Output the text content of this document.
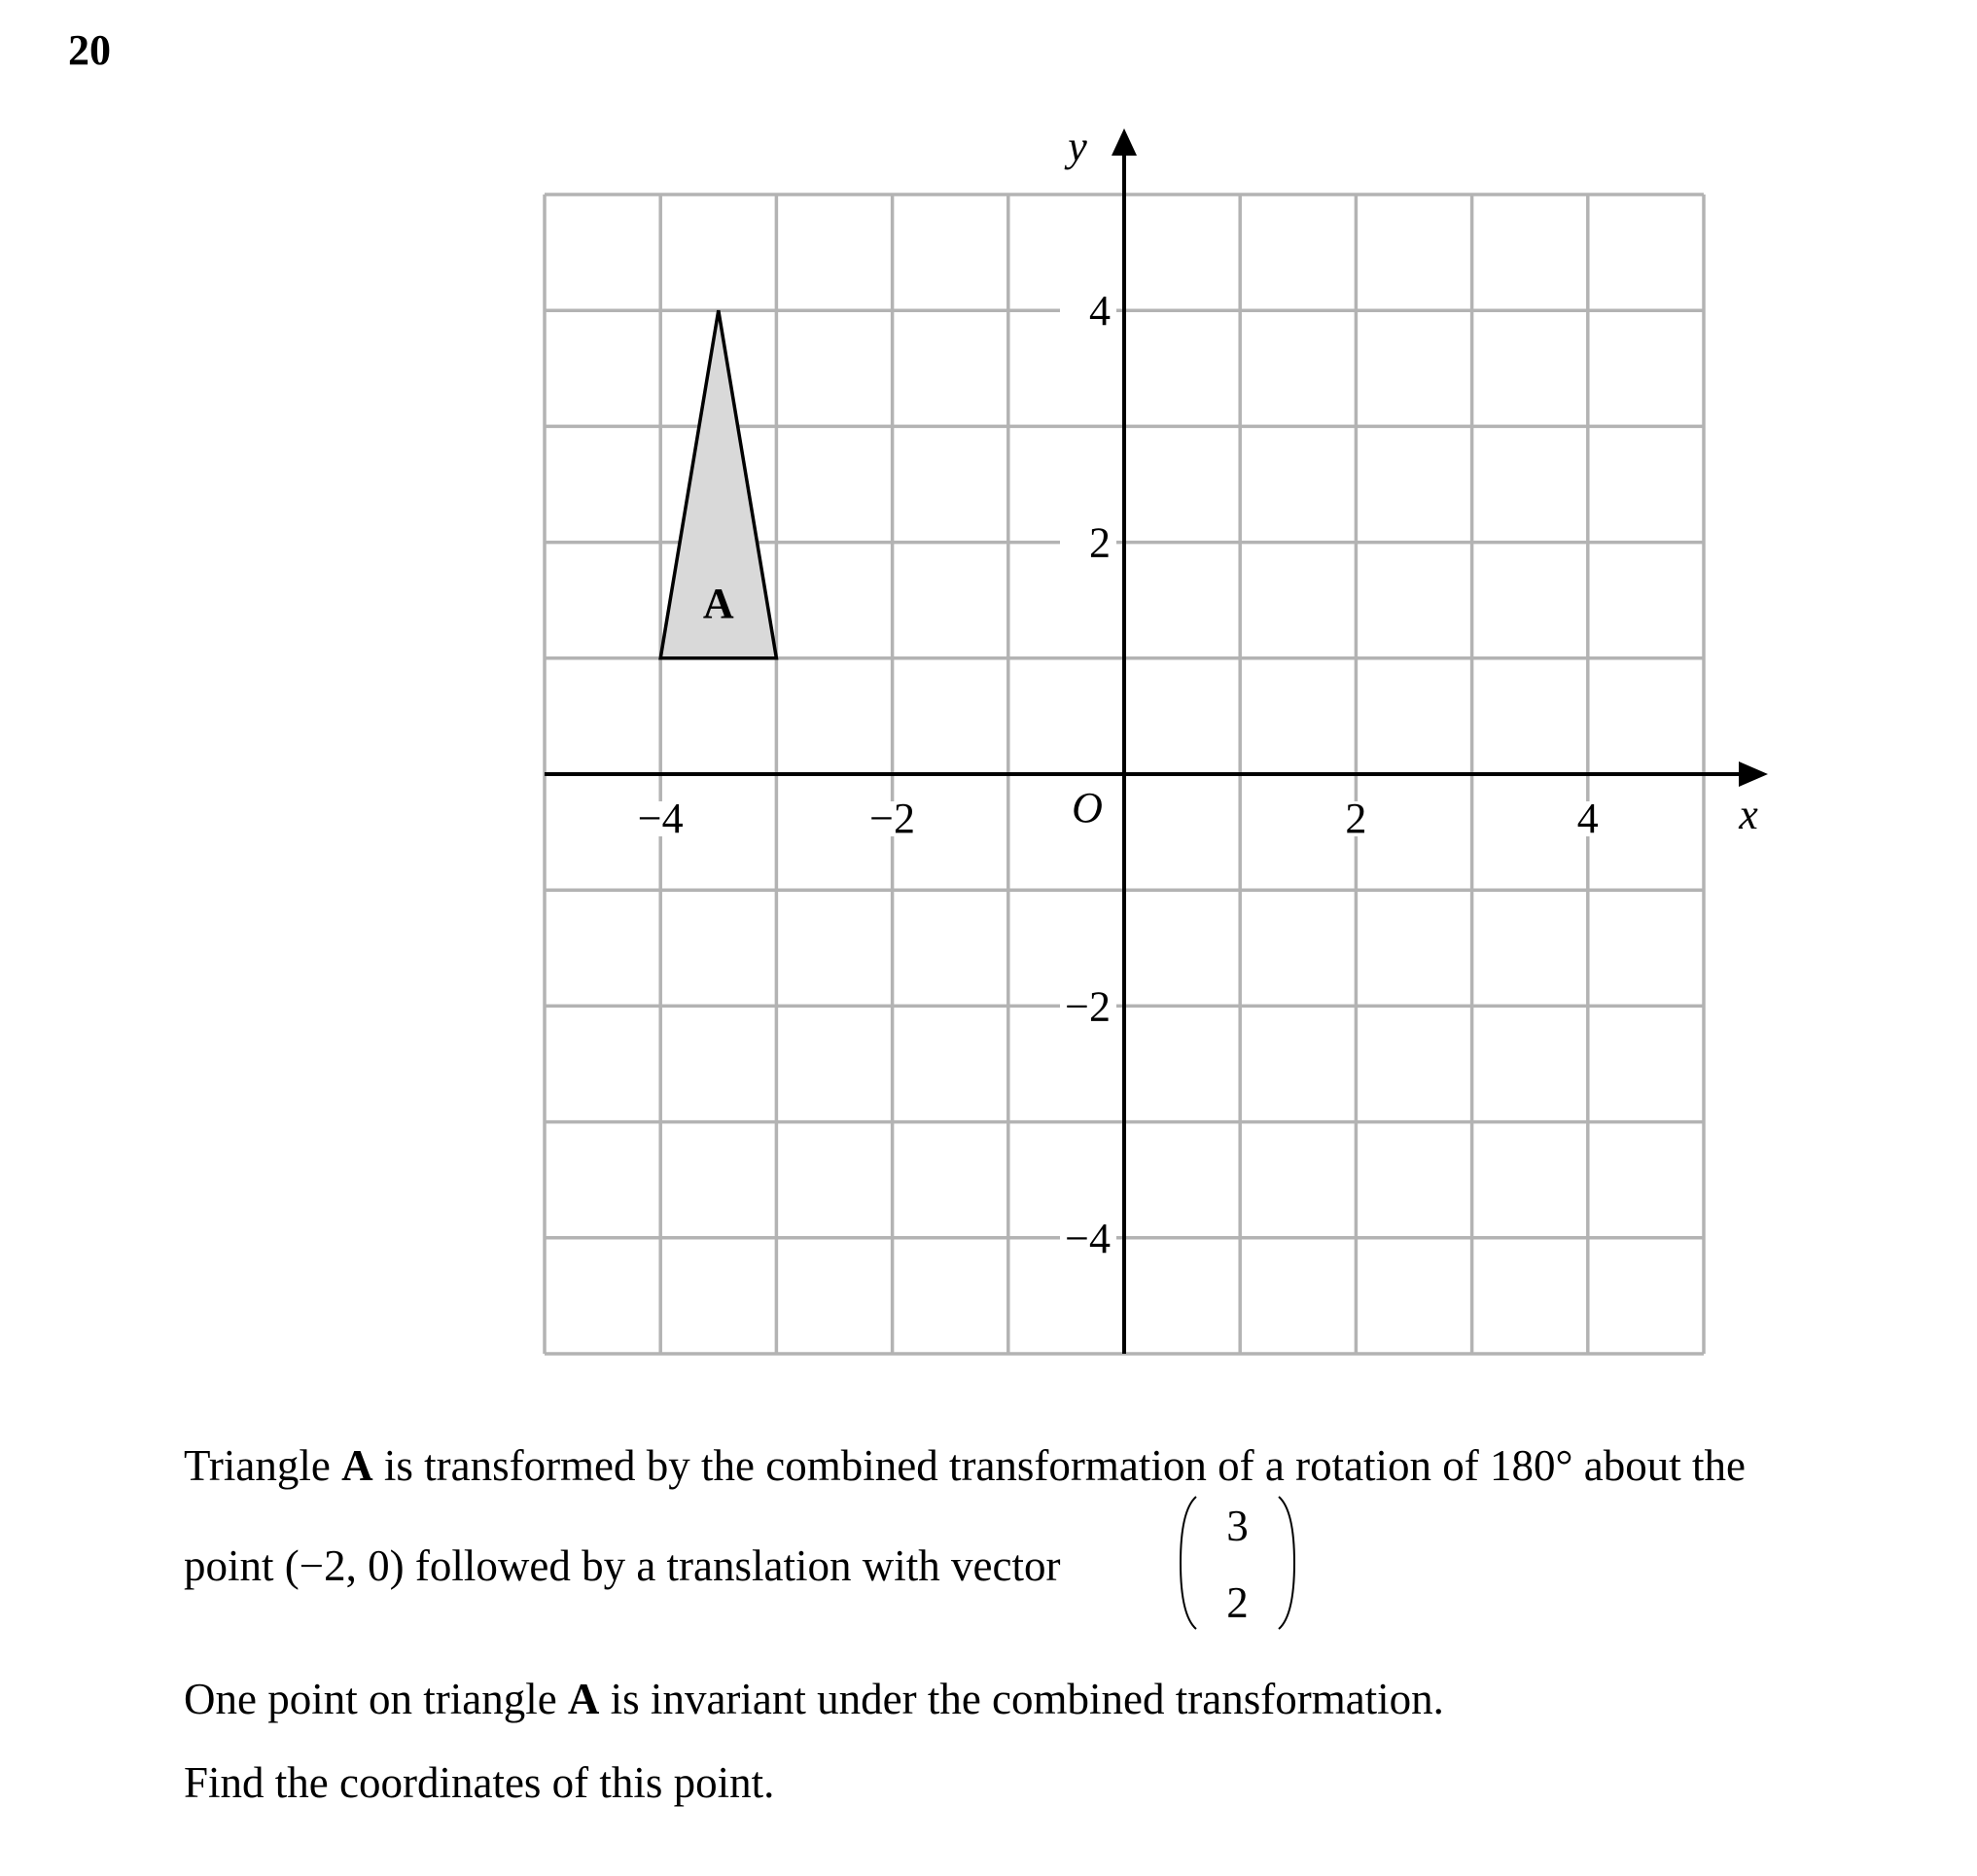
20
A
x
y
O
−4	−2	2	4
4
2
−2
−4
Triangle A is transformed by the combined transformation of a rotation of 180° about the
point (−2, 0) followed by a translation with vector
3
2
One point on triangle A is invariant under the combined transformation.
Find the coordinates of this point.
